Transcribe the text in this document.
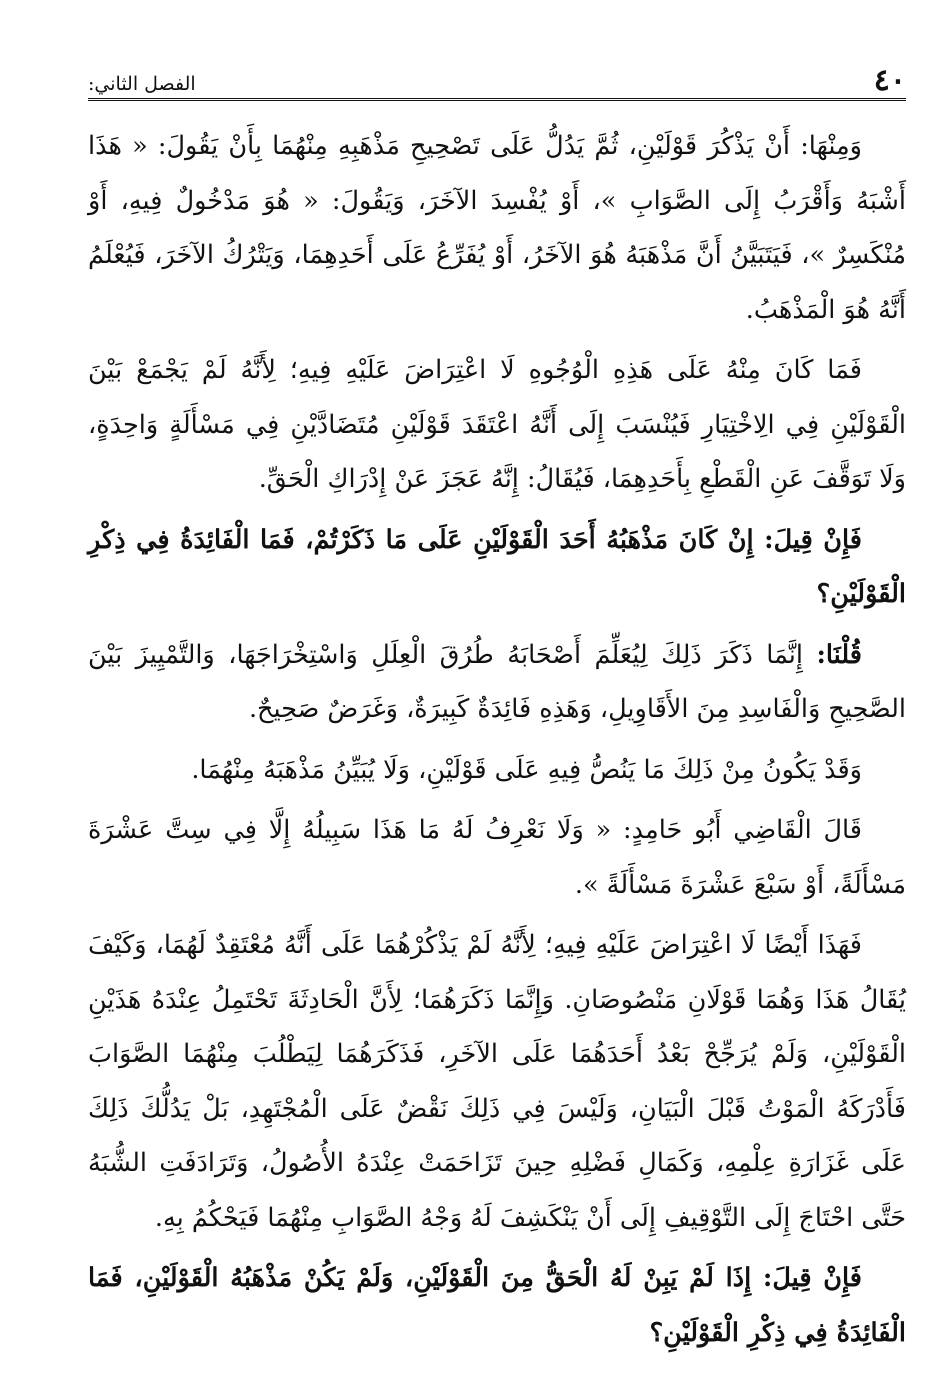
٤٠
الفصل الثاني:

وَمِنْهَا: أَنْ يَذْكُرَ قَوْلَيْنِ، ثُمَّ يَدُلُّ عَلَى تَصْحِيحِ مَذْهَبِهِ مِنْهُمَا بِأَنْ يَقُولَ: « هَذَا أَشْبَهُ وَأَقْرَبُ إِلَى الصَّوَابِ »، أَوْ يُفْسِدَ الآخَرَ، وَيَقُولَ: « هُوَ مَدْخُولٌ فِيهِ، أَوْ مُنْكَسِرٌ »، فَيَتَبَيَّنُ أَنَّ مَذْهَبَهُ هُوَ الآخَرُ، أَوْ يُفَرِّعُ عَلَى أَحَدِهِمَا، وَيَتْرُكُ الآخَرَ، فَيُعْلَمُ أَنَّهُ هُوَ الْمَذْهَبُ.

فَمَا كَانَ مِنْهُ عَلَى هَذِهِ الْوُجُوهِ لَا اعْتِرَاضَ عَلَيْهِ فِيهِ؛ لِأَنَّهُ لَمْ يَجْمَعْ بَيْنَ الْقَوْلَيْنِ فِي الِاخْتِيَارِ فَيُنْسَبَ إِلَى أَنَّهُ اعْتَقَدَ قَوْلَيْنِ مُتَضَادَّيْنِ فِي مَسْأَلَةٍ وَاحِدَةٍ، وَلَا تَوَقَّفَ عَنِ الْقَطْعِ بِأَحَدِهِمَا، فَيُقَالُ: إِنَّهُ عَجَزَ عَنْ إِدْرَاكِ الْحَقِّ.

فَإِنْ قِيلَ: إِنْ كَانَ مَذْهَبُهُ أَحَدَ الْقَوْلَيْنِ عَلَى مَا ذَكَرْتُمْ، فَمَا الْفَائِدَةُ فِي ذِكْرِ الْقَوْلَيْنِ؟

قُلْنَا: إِنَّمَا ذَكَرَ ذَلِكَ لِيُعَلِّمَ أَصْحَابَهُ طُرُقَ الْعِلَلِ وَاسْتِخْرَاجَهَا، وَالتَّمْيِيزَ بَيْنَ الصَّحِيحِ وَالْفَاسِدِ مِنَ الأَقَاوِيلِ، وَهَذِهِ فَائِدَةٌ كَبِيرَةٌ، وَغَرَضٌ صَحِيحٌ.

وَقَدْ يَكُونُ مِنْ ذَلِكَ مَا يَنُصُّ فِيهِ عَلَى قَوْلَيْنِ، وَلَا يُبَيِّنُ مَذْهَبَهُ مِنْهُمَا.

قَالَ الْقَاضِي أَبُو حَامِدٍ: « وَلَا نَعْرِفُ لَهُ مَا هَذَا سَبِيلُهُ إِلَّا فِي سِتَّ عَشْرَةَ مَسْأَلَةً، أَوْ سَبْعَ عَشْرَةَ مَسْأَلَةً ».

فَهَذَا أَيْضًا لَا اعْتِرَاضَ عَلَيْهِ فِيهِ؛ لِأَنَّهُ لَمْ يَذْكُرْهُمَا عَلَى أَنَّهُ مُعْتَقِدٌ لَهُمَا، وَكَيْفَ يُقَالُ هَذَا وَهُمَا قَوْلَانِ مَنْصُوصَانِ. وَإِنَّمَا ذَكَرَهُمَا؛ لِأَنَّ الْحَادِثَةَ تَحْتَمِلُ عِنْدَهُ هَذَيْنِ الْقَوْلَيْنِ، وَلَمْ يُرَجِّحْ بَعْدُ أَحَدَهُمَا عَلَى الآخَرِ، فَذَكَرَهُمَا لِيَطْلُبَ مِنْهُمَا الصَّوَابَ فَأَدْرَكَهُ الْمَوْتُ قَبْلَ الْبَيَانِ، وَلَيْسَ فِي ذَلِكَ نَقْضٌ عَلَى الْمُجْتَهِدِ، بَلْ يَدُلُّكَ ذَلِكَ عَلَى غَزَارَةِ عِلْمِهِ، وَكَمَالِ فَضْلِهِ حِينَ تَزَاحَمَتْ عِنْدَهُ الأُصُولُ، وَتَرَادَفَتِ الشُّبَهُ حَتَّى احْتَاجَ إِلَى التَّوْقِيفِ إِلَى أَنْ يَنْكَشِفَ لَهُ وَجْهُ الصَّوَابِ مِنْهُمَا فَيَحْكُمُ بِهِ.

فَإِنْ قِيلَ: إِذَا لَمْ يَبِنْ لَهُ الْحَقُّ مِنَ الْقَوْلَيْنِ، وَلَمْ يَكُنْ مَذْهَبُهُ الْقَوْلَيْنِ، فَمَا الْفَائِدَةُ فِي ذِكْرِ الْقَوْلَيْنِ؟
